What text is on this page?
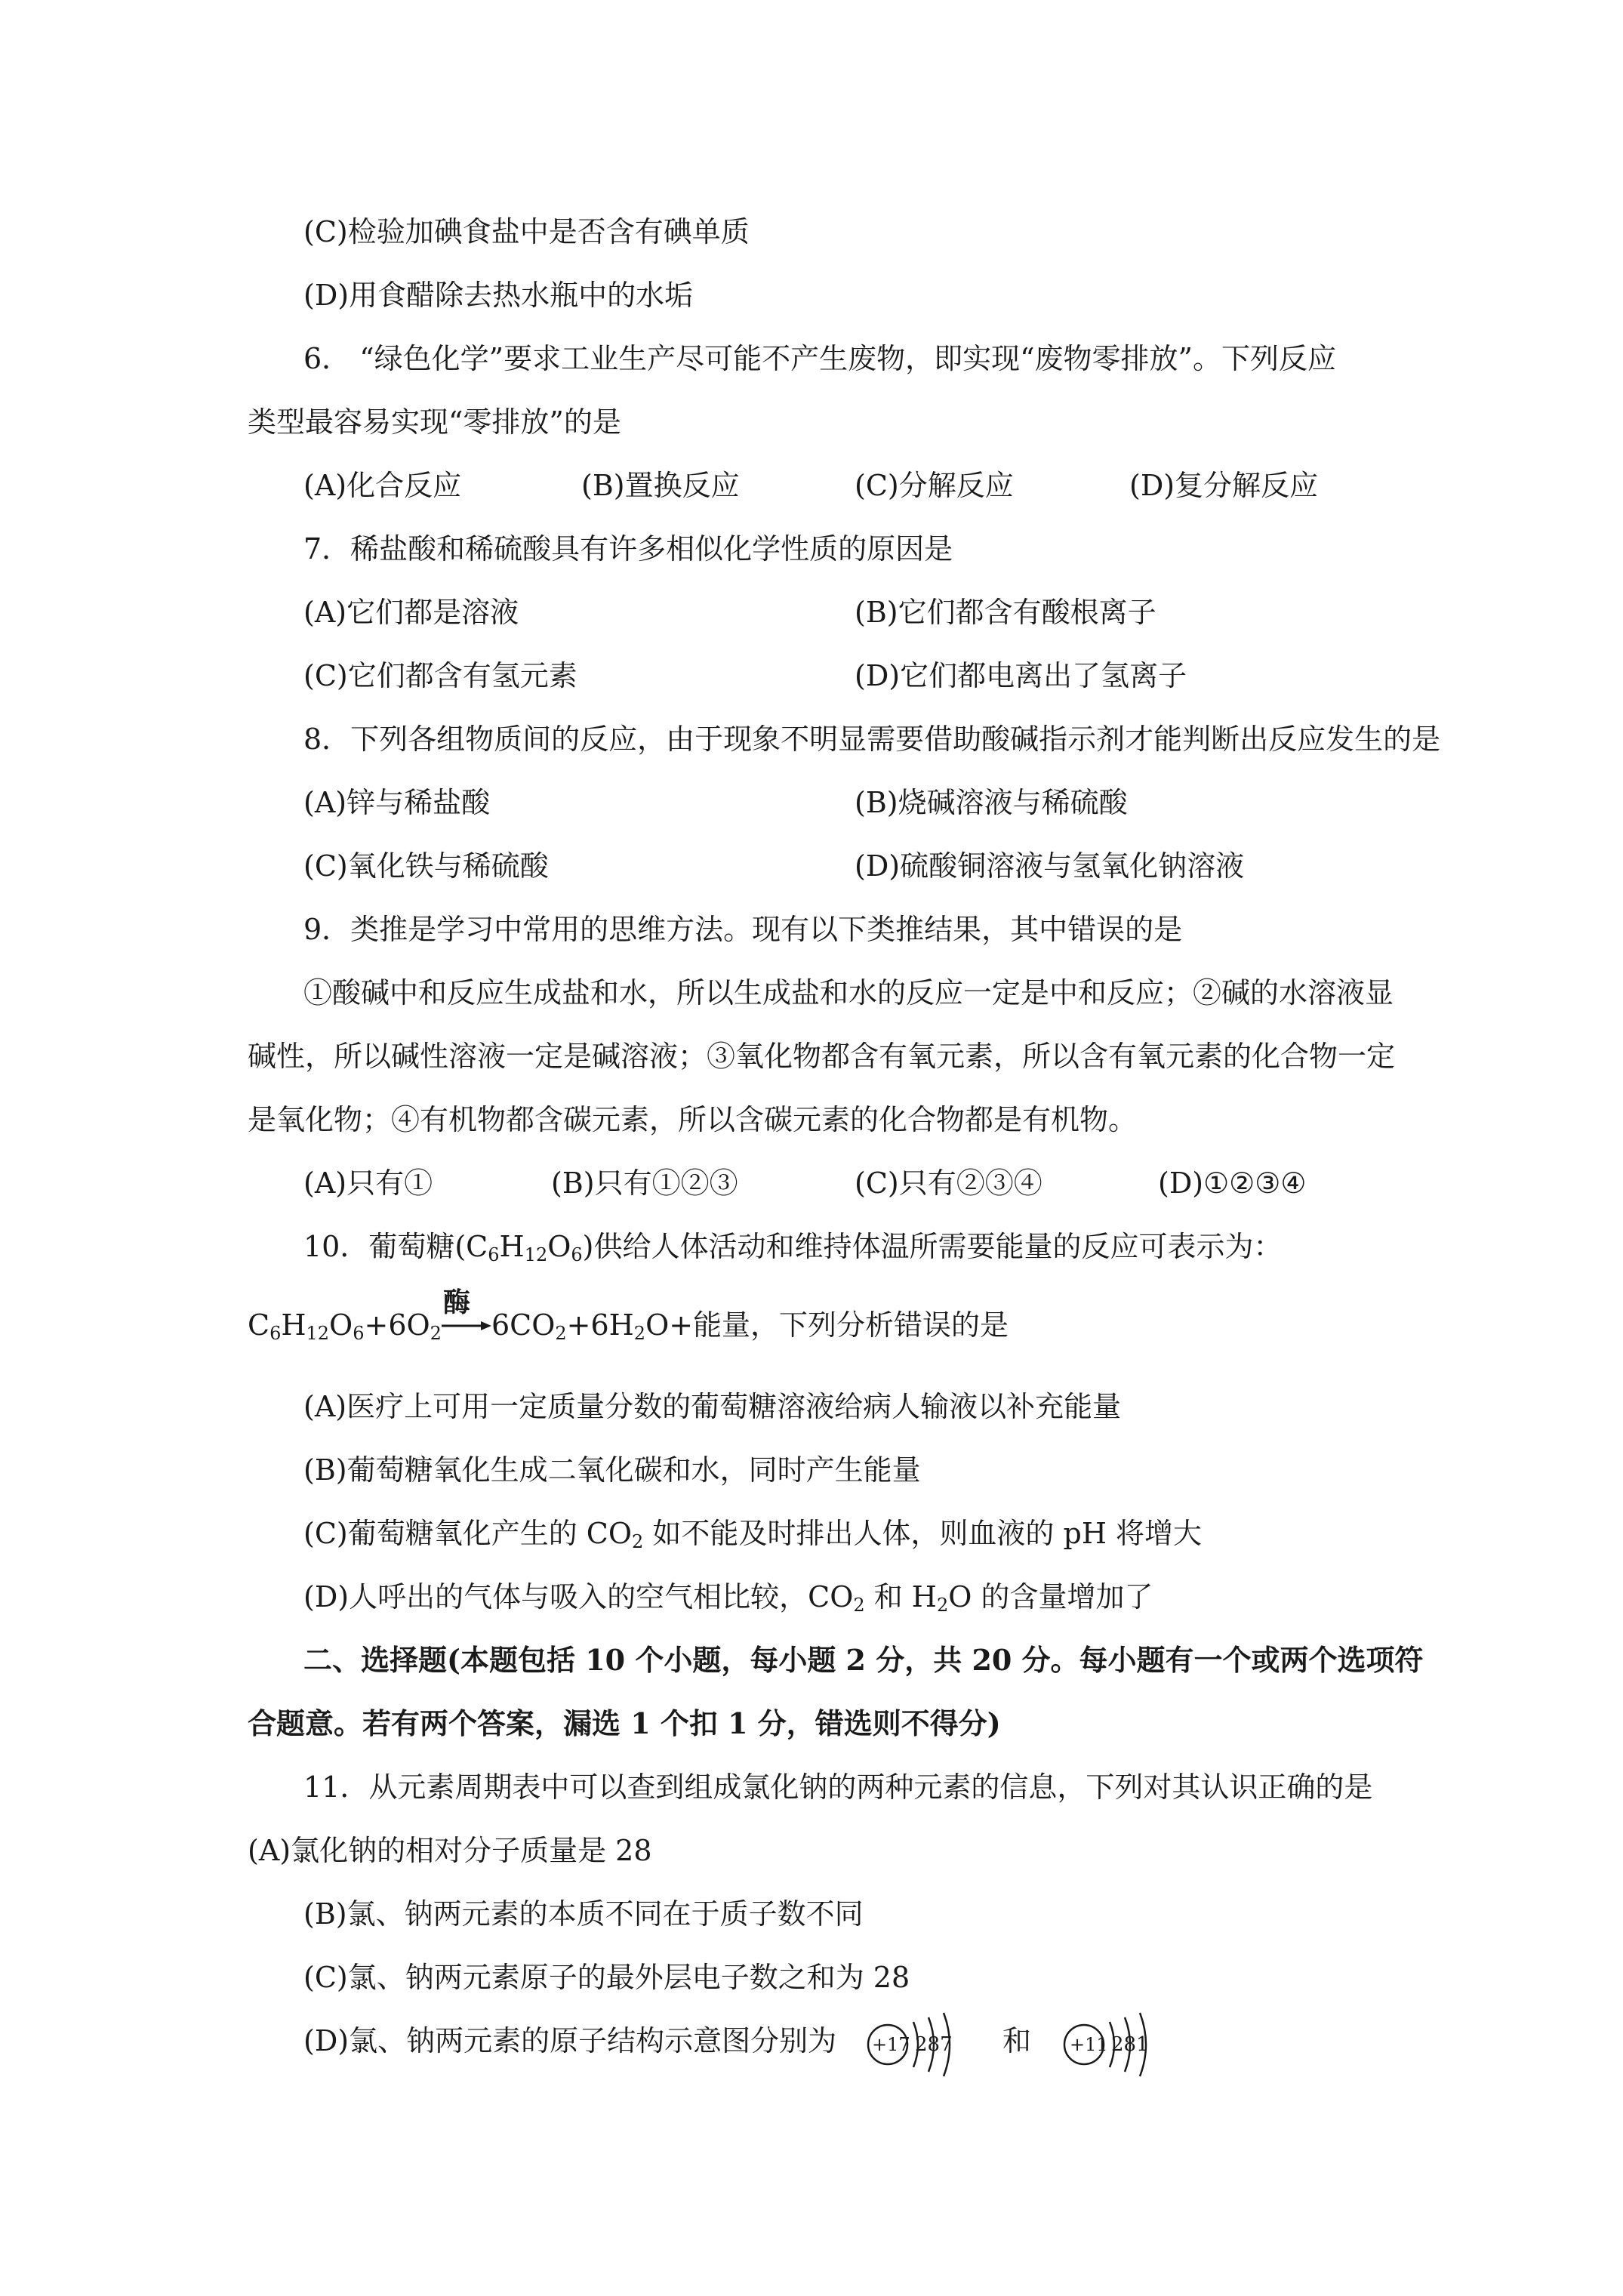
(C)检验加碘食盐中是否含有碘单质
(D)用食醋除去热水瓶中的水垢
6． “绿色化学”要求工业生产尽可能不产生废物，即实现“废物零排放”。下列反应
类型最容易实现“零排放”的是
(A)化合反应	(B)置换反应	(C)分解反应	(D)复分解反应
7．稀盐酸和稀硫酸具有许多相似化学性质的原因是
(A)它们都是溶液	(B)它们都含有酸根离子
(C)它们都含有氢元素	(D)它们都电离出了氢离子
8．下列各组物质间的反应，由于现象不明显需要借助酸碱指示剂才能判断出反应发生的是
(A)锌与稀盐酸	(B)烧碱溶液与稀硫酸
(C)氧化铁与稀硫酸	(D)硫酸铜溶液与氢氧化钠溶液
9．类推是学习中常用的思维方法。现有以下类推结果，其中错误的是
①酸碱中和反应生成盐和水，所以生成盐和水的反应一定是中和反应；②碱的水溶液显
碱性，所以碱性溶液一定是碱溶液；③氧化物都含有氧元素，所以含有氧元素的化合物一定
是氧化物；④有机物都含碳元素，所以含碳元素的化合物都是有机物。
(A)只有①	(B)只有①②③	(C)只有②③④	(D)①②③④
10．葡萄糖$(C_6H_{12}O_6)$供给人体活动和维持体温所需要能量的反应可表示为：
$C_6H_{12}O_6+6O_2$
酶
$6CO_2+6H_2O+$能量，下列分析错误的是
(A)医疗上可用一定质量分数的葡萄糖溶液给病人输液以补充能量
(B)葡萄糖氧化生成二氧化碳和水，同时产生能量
(C)葡萄糖氧化产生的 $CO_2$ 如不能及时排出人体，则血液的 pH 将增大
(D)人呼出的气体与吸入的空气相比较，$CO_2$ 和 $H_2O$ 的含量增加了
二、选择题(本题包括 10 个小题，每小题 2 分，共 20 分。每小题有一个或两个选项符
合题意。若有两个答案，漏选 1 个扣 1 分，错选则不得分)
11．从元素周期表中可以查到组成氯化钠的两种元素的信息，下列对其认识正确的是
(A)氯化钠的相对分子质量是 28
(B)氯、钠两元素的本质不同在于质子数不同
(C)氯、钠两元素原子的最外层电子数之和为 28
(D)氯、钠两元素的原子结构示意图分别为 +17 287 和 +11 281
